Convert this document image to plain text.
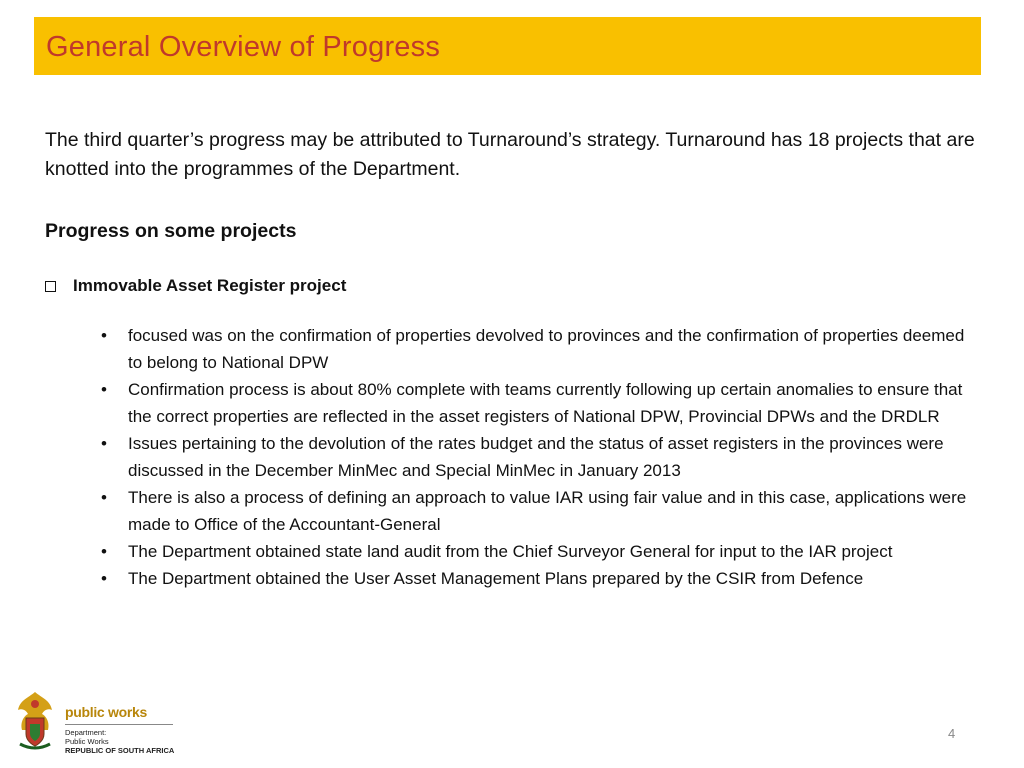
General Overview of Progress

The third quarter’s progress may be attributed to Turnaround’s strategy. Turnaround has 18 projects that are knotted into the programmes of the Department.

Progress on some projects
Immovable Asset Register project
• focused was on the confirmation of properties devolved to provinces and the confirmation of properties deemed to belong to National DPW
• Confirmation process is about 80% complete with teams currently following up certain anomalies to ensure that the correct properties are reflected in the asset registers of National DPW, Provincial DPWs and the DRDLR
• Issues pertaining to the devolution of the rates budget and the status of asset registers in the provinces were discussed in the December MinMec and Special MinMec in January 2013
• There is also a process of defining an approach to value IAR using fair value and in this case, applications were made to Office of the Accountant-General
• The Department obtained state land audit from the Chief Surveyor General for input to the IAR project
• The Department obtained the User Asset Management Plans prepared by the CSIR from Defence
public works
Department:
Public Works
REPUBLIC OF SOUTH AFRICA
4
